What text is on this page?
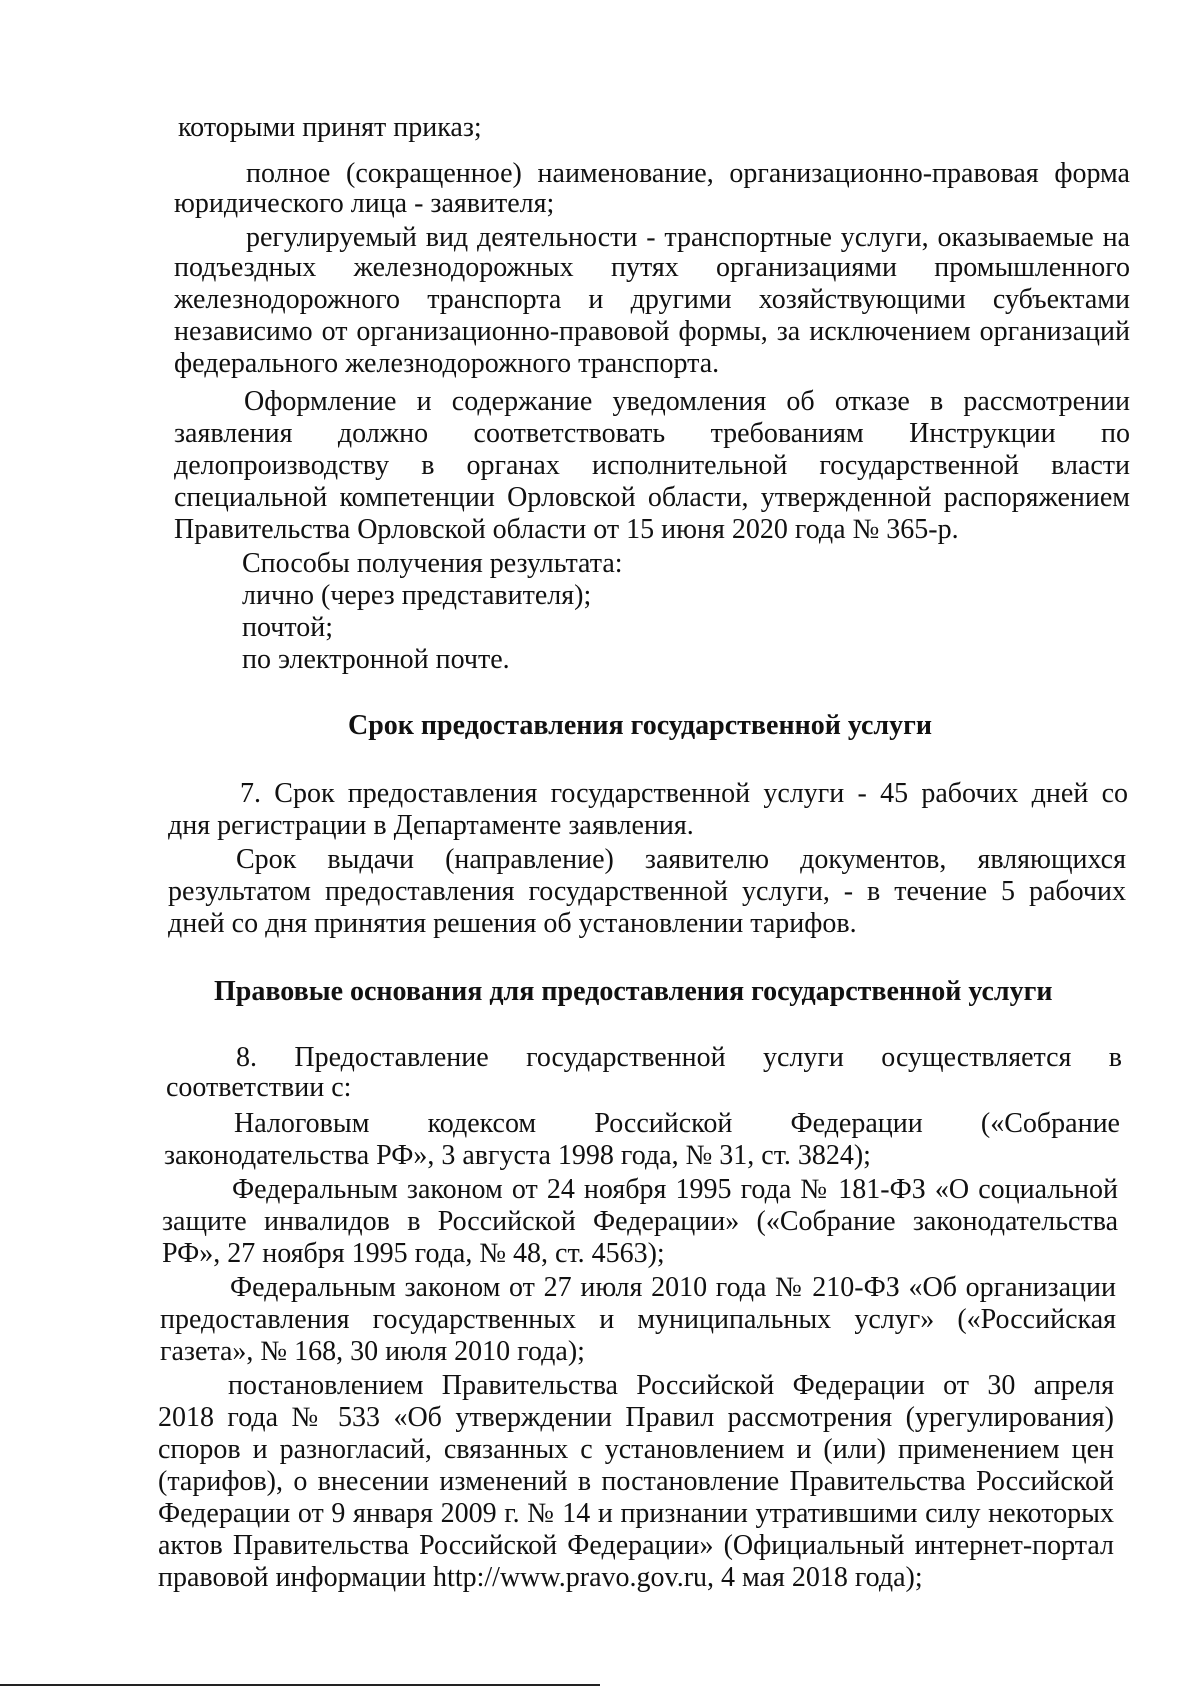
которыми принят приказ;
полное (сокращенное) наименование, организационно-правовая форма
юридического лица - заявителя;
регулируемый вид деятельности - транспортные услуги, оказываемые на
подъездных железнодорожных путях организациями промышленного
железнодорожного транспорта и другими хозяйствующими субъектами
независимо от организационно-правовой формы, за исключением организаций
федерального железнодорожного транспорта.
Оформление и содержание уведомления об отказе в рассмотрении
заявления должно соответствовать требованиям Инструкции по
делопроизводству в органах исполнительной государственной власти
специальной компетенции Орловской области, утвержденной распоряжением
Правительства Орловской области от 15 июня 2020 года № 365-р.
Способы получения результата:
лично (через представителя);
почтой;
по электронной почте.
Срок предоставления государственной услуги
7. Срок предоставления государственной услуги - 45 рабочих дней со
дня регистрации в Департаменте заявления.
Срок выдачи (направление) заявителю документов, являющихся
результатом предоставления государственной услуги, - в течение 5 рабочих
дней со дня принятия решения об установлении тарифов.
Правовые основания для предоставления государственной услуги
8. Предоставление государственной услуги осуществляется в
соответствии с:
Налоговым кодексом Российской Федерации («Собрание
законодательства РФ», 3 августа 1998 года, № 31, ст. 3824);
Федеральным законом от 24 ноября 1995 года № 181-ФЗ «О социальной
защите инвалидов в Российской Федерации» («Собрание законодательства
РФ», 27 ноября 1995 года, № 48, ст. 4563);
Федеральным законом от 27 июля 2010 года № 210-ФЗ «Об организации
предоставления государственных и муниципальных услуг» («Российская
газета», № 168, 30 июля 2010 года);
постановлением Правительства Российской Федерации от 30 апреля
2018 года № 533 «Об утверждении Правил рассмотрения (урегулирования)
споров и разногласий, связанных с установлением и (или) применением цен
(тарифов), о внесении изменений в постановление Правительства Российской
Федерации от 9 января 2009 г. № 14 и признании утратившими силу некоторых
актов Правительства Российской Федерации» (Официальный интернет-портал
правовой информации http://www.pravo.gov.ru, 4 мая 2018 года);
